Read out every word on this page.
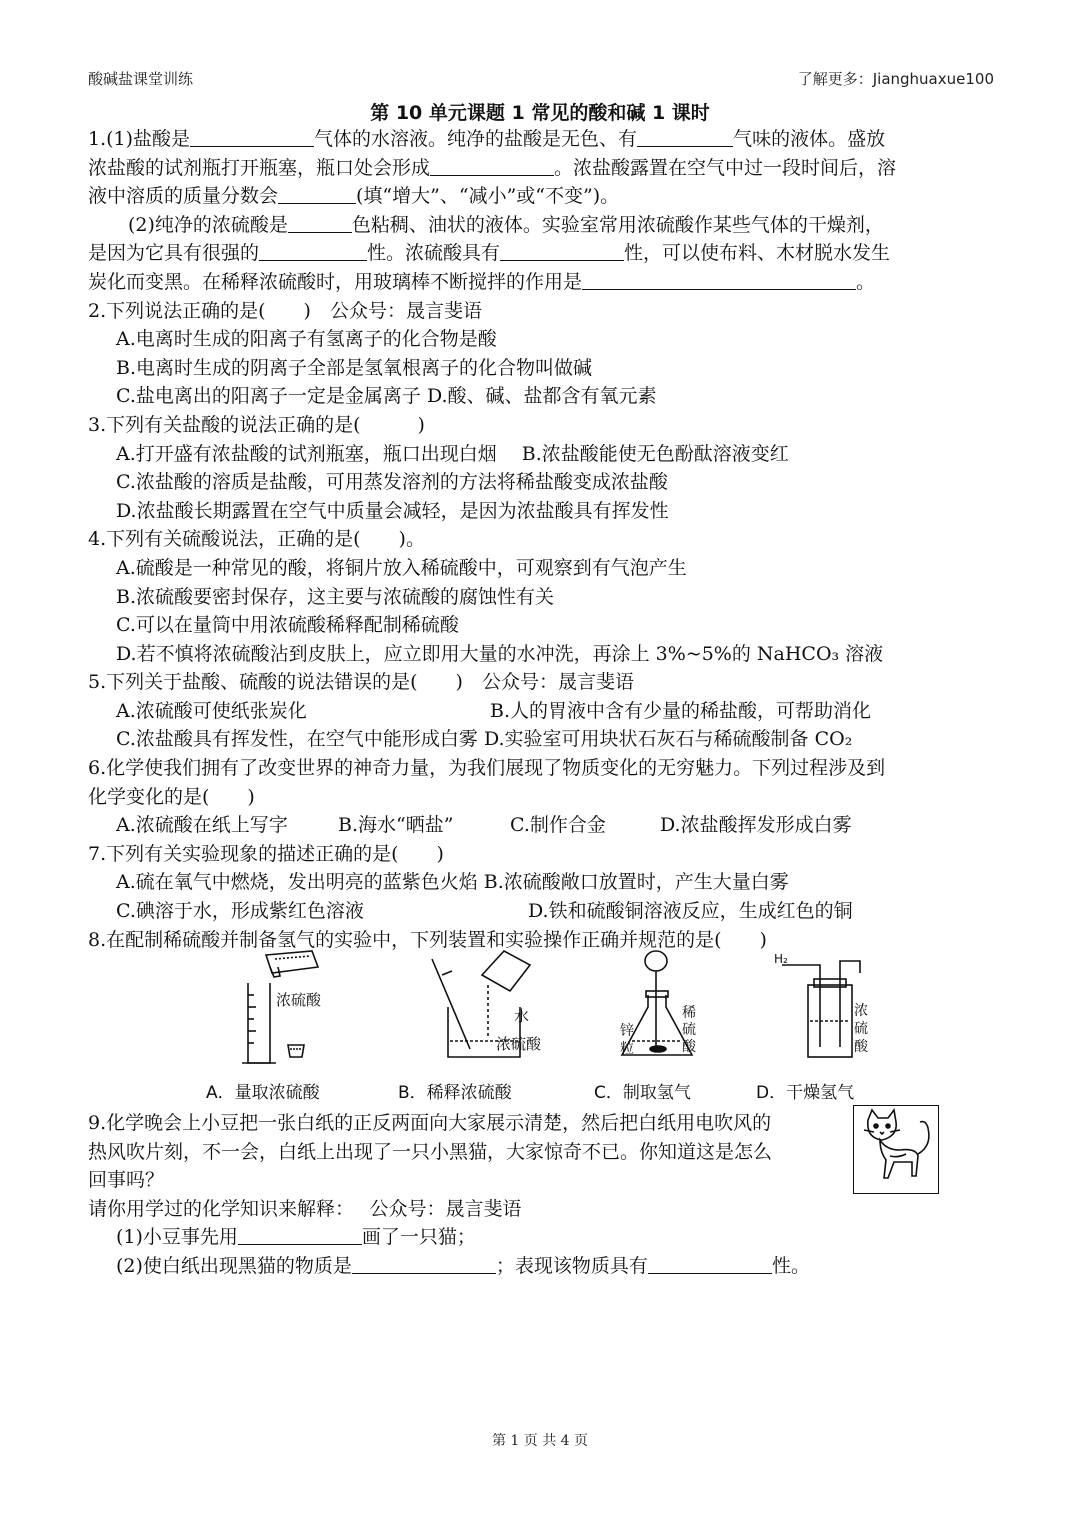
酸碱盐课堂训练	了解更多：Jianghuaxue100
第 10 单元课题 1 常见的酸和碱 1 课时
1.(1)盐酸是	气体的水溶液。纯净的盐酸是无色、有	气味的液体。盛放
浓盐酸的试剂瓶打开瓶塞，瓶口处会形成	。浓盐酸露置在空气中过一段时间后，溶
液中溶质的质量分数会	(填“增大”、“减小”或“不变”)。
(2)纯净的浓硫酸是	色粘稠、油状的液体。实验室常用浓硫酸作某些气体的干燥剂，
是因为它具有很强的	性。浓硫酸具有	性，可以使布料、木材脱水发生
炭化而变黑。在稀释浓硫酸时，用玻璃棒不断搅拌的作用是	。
2.下列说法正确的是(　　)　公众号：晟言斐语
A.电离时生成的阳离子有氢离子的化合物是酸
B.电离时生成的阴离子全部是氢氧根离子的化合物叫做碱
C.盐电离出的阳离子一定是金属离子 D.酸、碱、盐都含有氧元素
3.下列有关盐酸的说法正确的是(　　　)
A.打开盛有浓盐酸的试剂瓶塞，瓶口出现白烟　 B.浓盐酸能使无色酚酞溶液变红
C.浓盐酸的溶质是盐酸，可用蒸发溶剂的方法将稀盐酸变成浓盐酸
D.浓盐酸长期露置在空气中质量会减轻，是因为浓盐酸具有挥发性
4.下列有关硫酸说法，正确的是(　　)。
A.硫酸是一种常见的酸，将铜片放入稀硫酸中，可观察到有气泡产生
B.浓硫酸要密封保存，这主要与浓硫酸的腐蚀性有关
C.可以在量筒中用浓硫酸稀释配制稀硫酸
D.若不慎将浓硫酸沾到皮肤上，应立即用大量的水冲洗，再涂上 3%~5%的 NaHCO₃ 溶液
5.下列关于盐酸、硫酸的说法错误的是(　　)　公众号：晟言斐语
A.浓硫酸可使纸张炭化	B.人的胃液中含有少量的稀盐酸，可帮助消化
C.浓盐酸具有挥发性，在空气中能形成白雾 D.实验室可用块状石灰石与稀硫酸制备 CO₂
6.化学使我们拥有了改变世界的神奇力量，为我们展现了物质变化的无穷魅力。下列过程涉及到
化学变化的是(　　)
A.浓硫酸在纸上写字	B.海水“晒盐”	C.制作合金	D.浓盐酸挥发形成白雾
7.下列有关实验现象的描述正确的是(　　)
A.硫在氧气中燃烧，发出明亮的蓝紫色火焰 B.浓硫酸敞口放置时，产生大量白雾
C.碘溶于水，形成紫红色溶液	D.铁和硫酸铜溶液反应，生成红色的铜
8.在配制稀硫酸并制备氢气的实验中，下列装置和实验操作正确并规范的是(　　)
浓硫酸
水
浓硫酸
锌
粒
稀
硫
酸
H₂
浓
硫
酸
A．量取浓硫酸	B．稀释浓硫酸	C．制取氢气	D．干燥氢气
9.化学晚会上小豆把一张白纸的正反两面向大家展示清楚，然后把白纸用电吹风的
热风吹片刻，不一会，白纸上出现了一只小黑猫，大家惊奇不已。你知道这是怎么
回事吗？
请你用学过的化学知识来解释：　 公众号：晟言斐语
(1)小豆事先用	画了一只猫；
(2)使白纸出现黑猫的物质是	；表现该物质具有	性。
第 1 页 共 4 页
